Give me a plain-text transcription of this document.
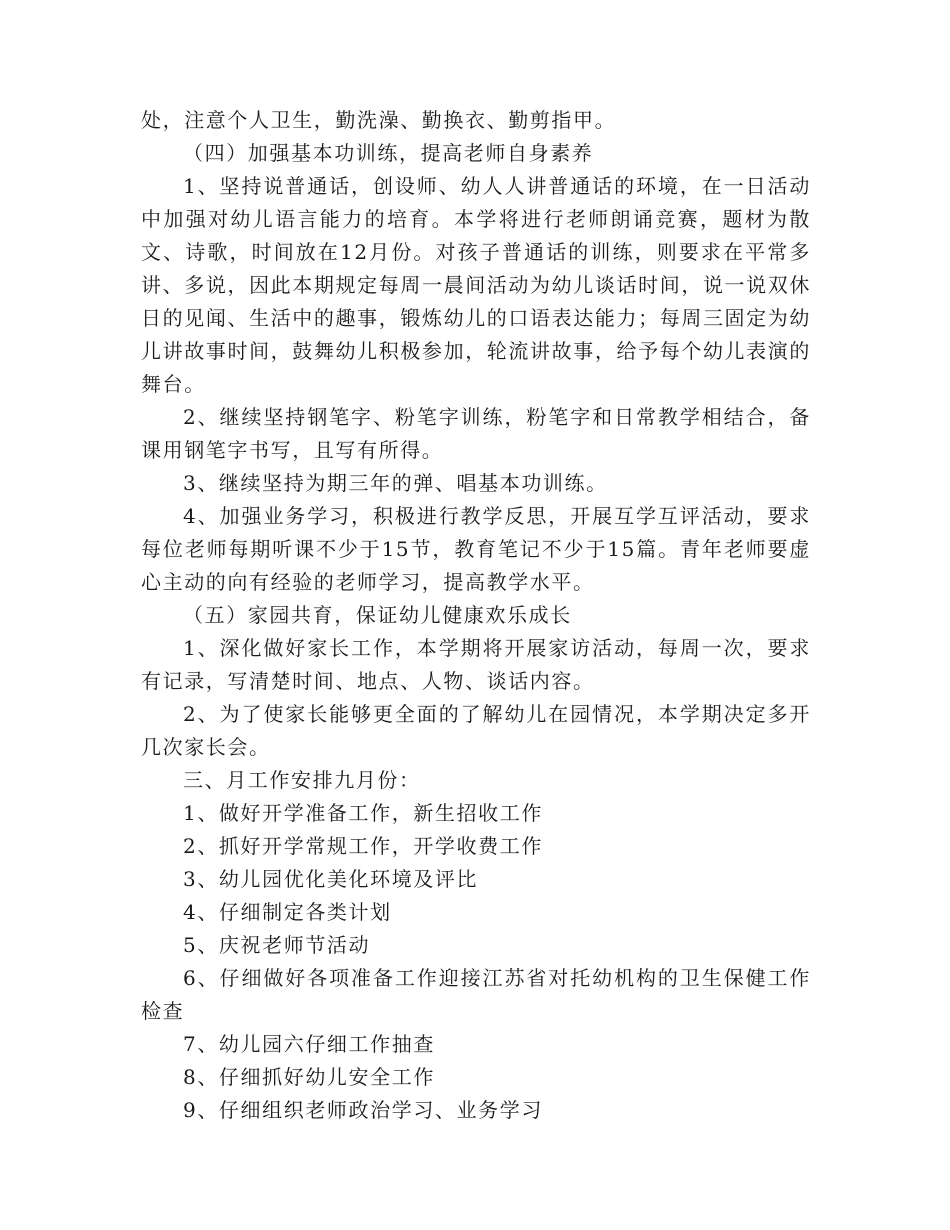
处，注意个人卫生，勤洗澡、勤换衣、勤剪指甲。

（四）加强基本功训练，提高老师自身素养

1、坚持说普通话，创设师、幼人人讲普通话的环境，在一日活动中加强对幼儿语言能力的培育。本学将进行老师朗诵竞赛，题材为散文、诗歌，时间放在12月份。对孩子普通话的训练，则要求在平常多讲、多说，因此本期规定每周一晨间活动为幼儿谈话时间，说一说双休日的见闻、生活中的趣事，锻炼幼儿的口语表达能力；每周三固定为幼儿讲故事时间，鼓舞幼儿积极参加，轮流讲故事，给予每个幼儿表演的舞台。

2、继续坚持钢笔字、粉笔字训练，粉笔字和日常教学相结合，备课用钢笔字书写，且写有所得。

3、继续坚持为期三年的弹、唱基本功训练。

4、加强业务学习，积极进行教学反思，开展互学互评活动，要求每位老师每期听课不少于15节，教育笔记不少于15篇。青年老师要虚心主动的向有经验的老师学习，提高教学水平。

（五）家园共育，保证幼儿健康欢乐成长

1、深化做好家长工作，本学期将开展家访活动，每周一次，要求有记录，写清楚时间、地点、人物、谈话内容。

2、为了使家长能够更全面的了解幼儿在园情况，本学期决定多开几次家长会。

三、月工作安排九月份：

1、做好开学准备工作，新生招收工作

2、抓好开学常规工作，开学收费工作

3、幼儿园优化美化环境及评比

4、仔细制定各类计划

5、庆祝老师节活动

6、仔细做好各项准备工作迎接江苏省对托幼机构的卫生保健工作检查

7、幼儿园六仔细工作抽查

8、仔细抓好幼儿安全工作

9、仔细组织老师政治学习、业务学习
